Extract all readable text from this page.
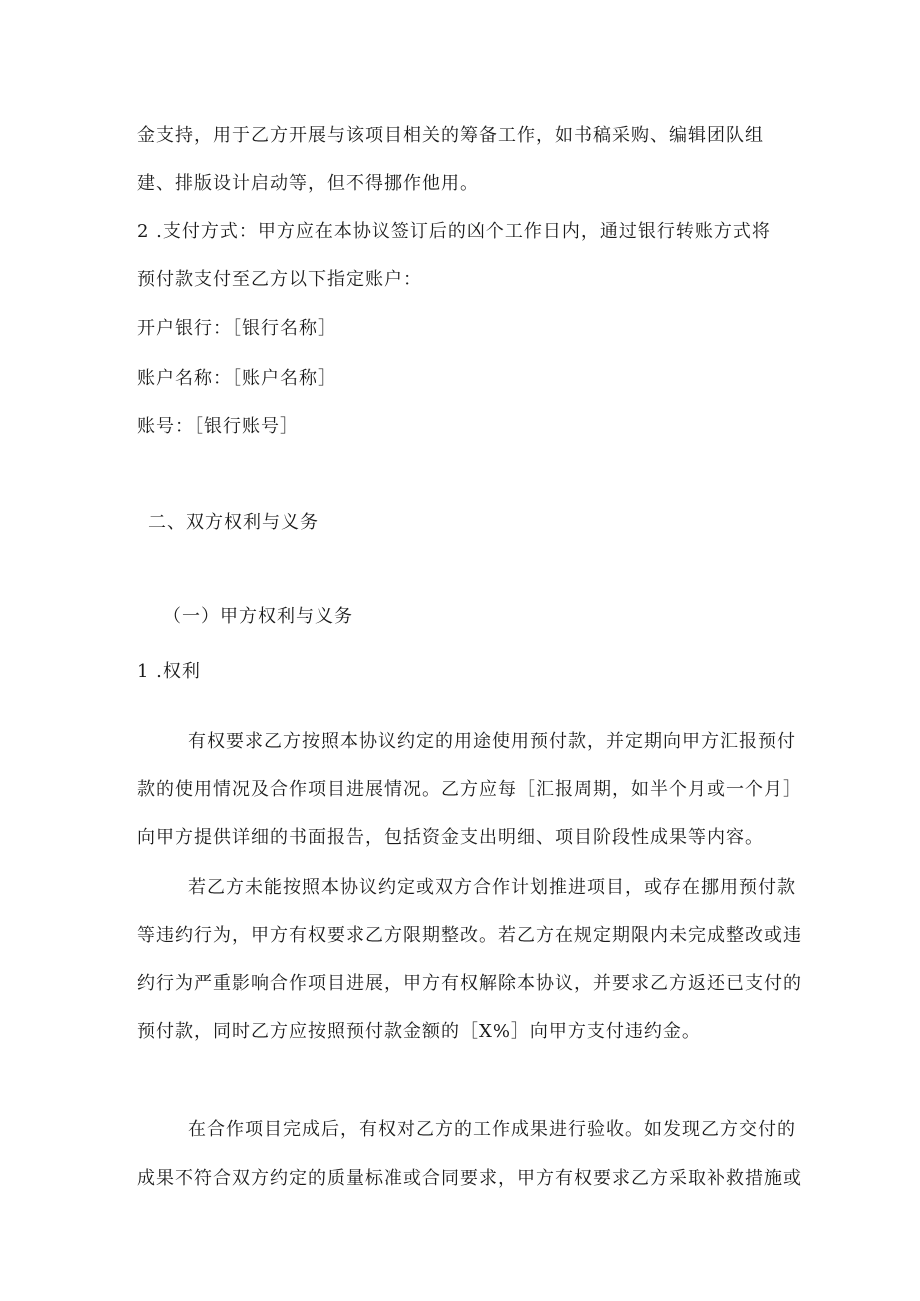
金支持，用于乙方开展与该项目相关的筹备工作，如书稿采购、编辑团队组
建、排版设计启动等，但不得挪作他用。
2 .支付方式：甲方应在本协议签订后的凶个工作日内，通过银行转账方式将
预付款支付至乙方以下指定账户：
开户银行：［银行名称］
账户名称：［账户名称］
账号：［银行账号］
二、双方权利与义务
（一）甲方权利与义务
1 .权利
有权要求乙方按照本协议约定的用途使用预付款，并定期向甲方汇报预付
款的使用情况及合作项目进展情况。乙方应每［汇报周期，如半个月或一个月］
向甲方提供详细的书面报告，包括资金支出明细、项目阶段性成果等内容。
若乙方未能按照本协议约定或双方合作计划推进项目，或存在挪用预付款
等违约行为，甲方有权要求乙方限期整改。若乙方在规定期限内未完成整改或违
约行为严重影响合作项目进展，甲方有权解除本协议，并要求乙方返还已支付的
预付款，同时乙方应按照预付款金额的［X%］向甲方支付违约金。
在合作项目完成后，有权对乙方的工作成果进行验收。如发现乙方交付的
成果不符合双方约定的质量标准或合同要求，甲方有权要求乙方采取补救措施或
